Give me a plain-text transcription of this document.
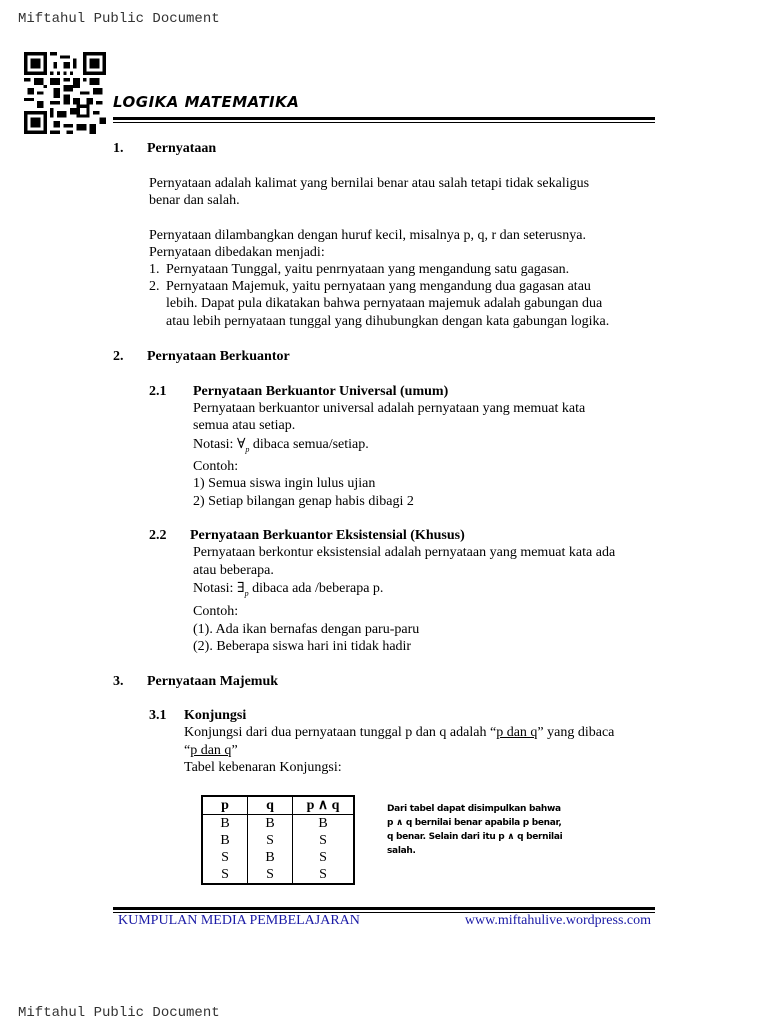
Miftahul Public Document
LOGIKA MATEMATIKA
1. Pernyataan
Pernyataan adalah kalimat yang bernilai benar atau salah tetapi tidak sekaligus
benar dan salah.
Pernyataan dilambangkan dengan huruf kecil, misalnya p, q, r dan seterusnya.
Pernyataan dibedakan menjadi:
1. Pernyataan Tunggal, yaitu penrnyataan yang mengandung satu gagasan.
2. Pernyataan Majemuk, yaitu pernyataan yang mengandung dua gagasan atau
lebih. Dapat pula dikatakan bahwa pernyataan majemuk adalah gabungan dua
atau lebih pernyataan tunggal yang dihubungkan dengan kata gabungan logika.
2. Pernyataan Berkuantor
2.1 Pernyataan Berkuantor Universal (umum)
Pernyataan berkuantor universal adalah pernyataan yang memuat kata
semua atau setiap.
Notasi: $\forall_p$ dibaca semua/setiap.
Contoh:
1) Semua siswa ingin lulus ujian
2) Setiap bilangan genap habis dibagi 2
2.2 Pernyataan Berkuantor Eksistensial (Khusus)
Pernyataan berkontur eksistensial adalah pernyataan yang memuat kata ada
atau beberapa.
Notasi: $\exists_p$ dibaca ada /beberapa p.
Contoh:
(1). Ada ikan bernafas dengan paru-paru
(2). Beberapa siswa hari ini tidak hadir
3. Pernyataan Majemuk
3.1 Konjungsi
Konjungsi dari dua pernyataan tunggal p dan q adalah “p dan q” yang dibaca
“p dan q”
Tabel kebenaran Konjungsi:
p	q	p ∧ q
B	B	B
B	S	S
S	B	S
S	S	S
Dari tabel dapat disimpulkan bahwa
p ∧ q bernilai benar apabila p benar,
q benar. Selain dari itu p ∧ q bernilai
salah.
KUMPULAN MEDIA PEMBELAJARAN	www.miftahulive.wordpress.com
Miftahul Public Document
